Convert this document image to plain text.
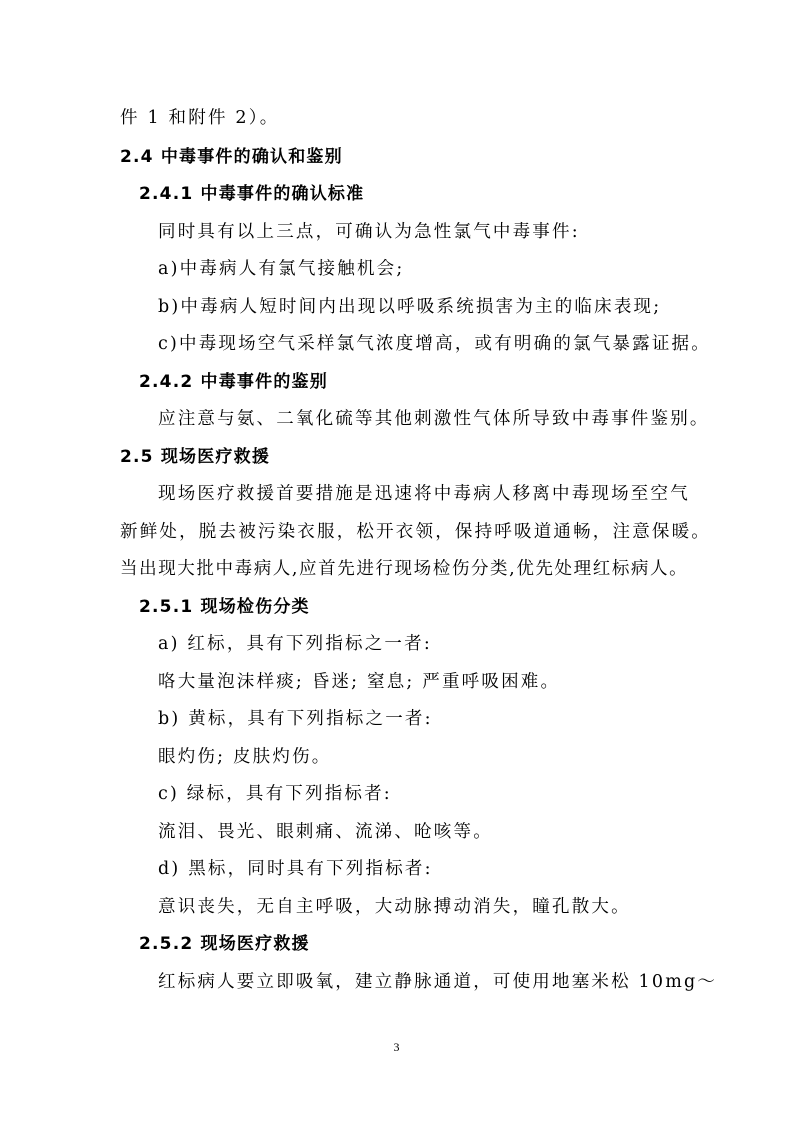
件 1 和附件 2）。
2.4 中毒事件的确认和鉴别
2.4.1 中毒事件的确认标准
同时具有以上三点，可确认为急性氯气中毒事件:
a)中毒病人有氯气接触机会;
b)中毒病人短时间内出现以呼吸系统损害为主的临床表现;
c)中毒现场空气采样氯气浓度增高，或有明确的氯气暴露证据。
2.4.2 中毒事件的鉴别
应注意与氨、二氧化硫等其他刺激性气体所导致中毒事件鉴别。
2.5 现场医疗救援
现场医疗救援首要措施是迅速将中毒病人移离中毒现场至空气
新鲜处，脱去被污染衣服，松开衣领，保持呼吸道通畅，注意保暖。
当出现大批中毒病人,应首先进行现场检伤分类,优先处理红标病人。
2.5.1 现场检伤分类
a) 红标，具有下列指标之一者:
咯大量泡沫样痰; 昏迷; 窒息; 严重呼吸困难。
b) 黄标，具有下列指标之一者:
眼灼伤; 皮肤灼伤。
c) 绿标，具有下列指标者:
流泪、畏光、眼刺痛、流涕、呛咳等。
d) 黑标，同时具有下列指标者:
意识丧失，无自主呼吸，大动脉搏动消失，瞳孔散大。
2.5.2 现场医疗救援
红标病人要立即吸氧，建立静脉通道，可使用地塞米松 10mg～
3
